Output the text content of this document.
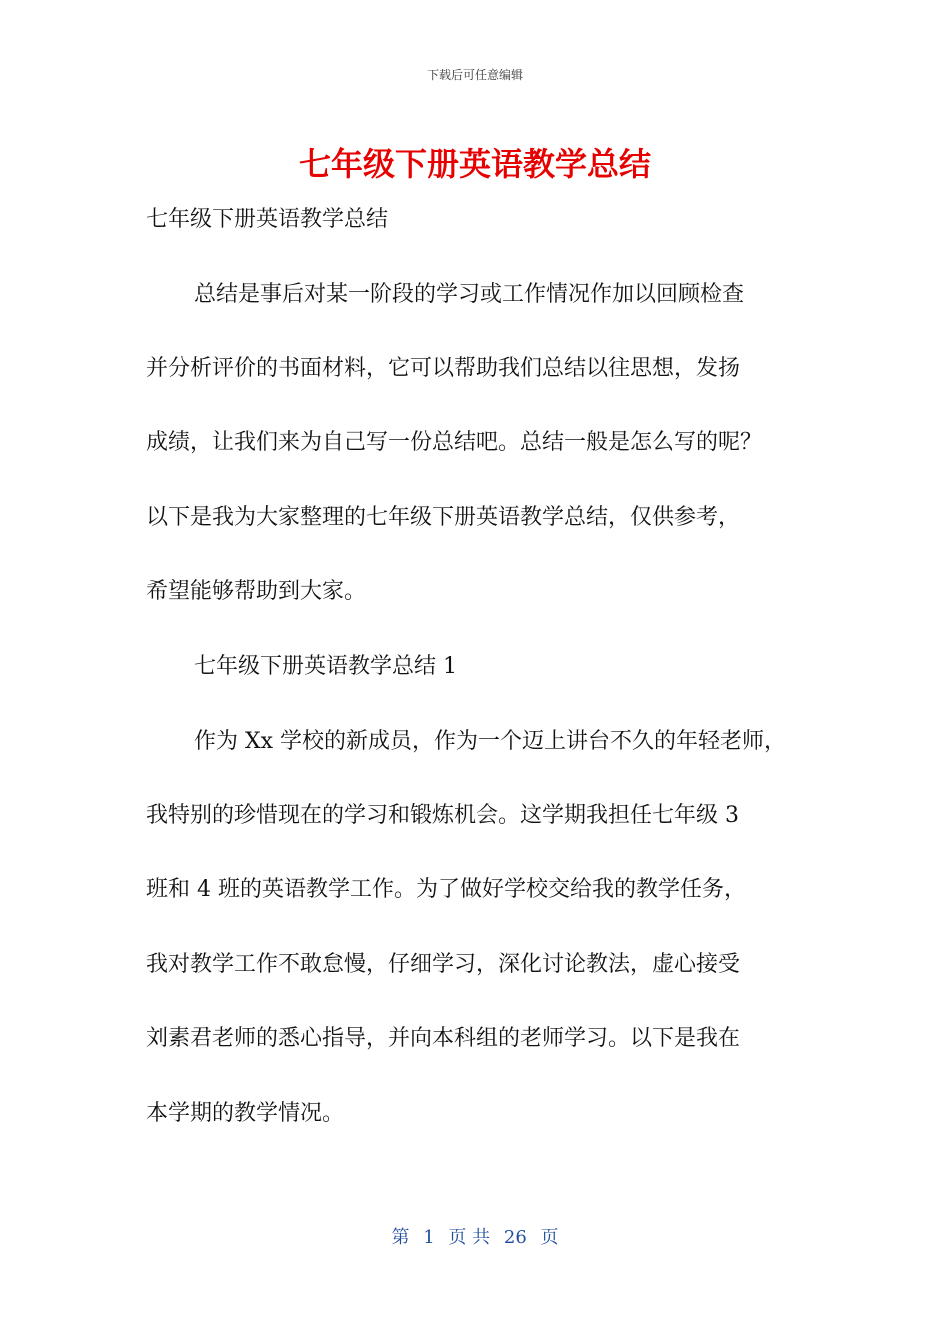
下载后可任意编辑
七年级下册英语教学总结

七年级下册英语教学总结

总结是事后对某一阶段的学习或工作情况作加以回顾检查

并分析评价的书面材料，它可以帮助我们总结以往思想，发扬

成绩，让我们来为自己写一份总结吧。总结一般是怎么写的呢？

以下是我为大家整理的七年级下册英语教学总结，仅供参考，

希望能够帮助到大家。

七年级下册英语教学总结 1

作为 Xx 学校的新成员，作为一个迈上讲台不久的年轻老师，

我特别的珍惜现在的学习和锻炼机会。这学期我担任七年级 3

班和 4 班的英语教学工作。为了做好学校交给我的教学任务，

我对教学工作不敢怠慢，仔细学习，深化讨论教法，虚心接受

刘素君老师的悉心指导，并向本科组的老师学习。以下是我在

本学期的教学情况。

第 1 页 共 26 页
